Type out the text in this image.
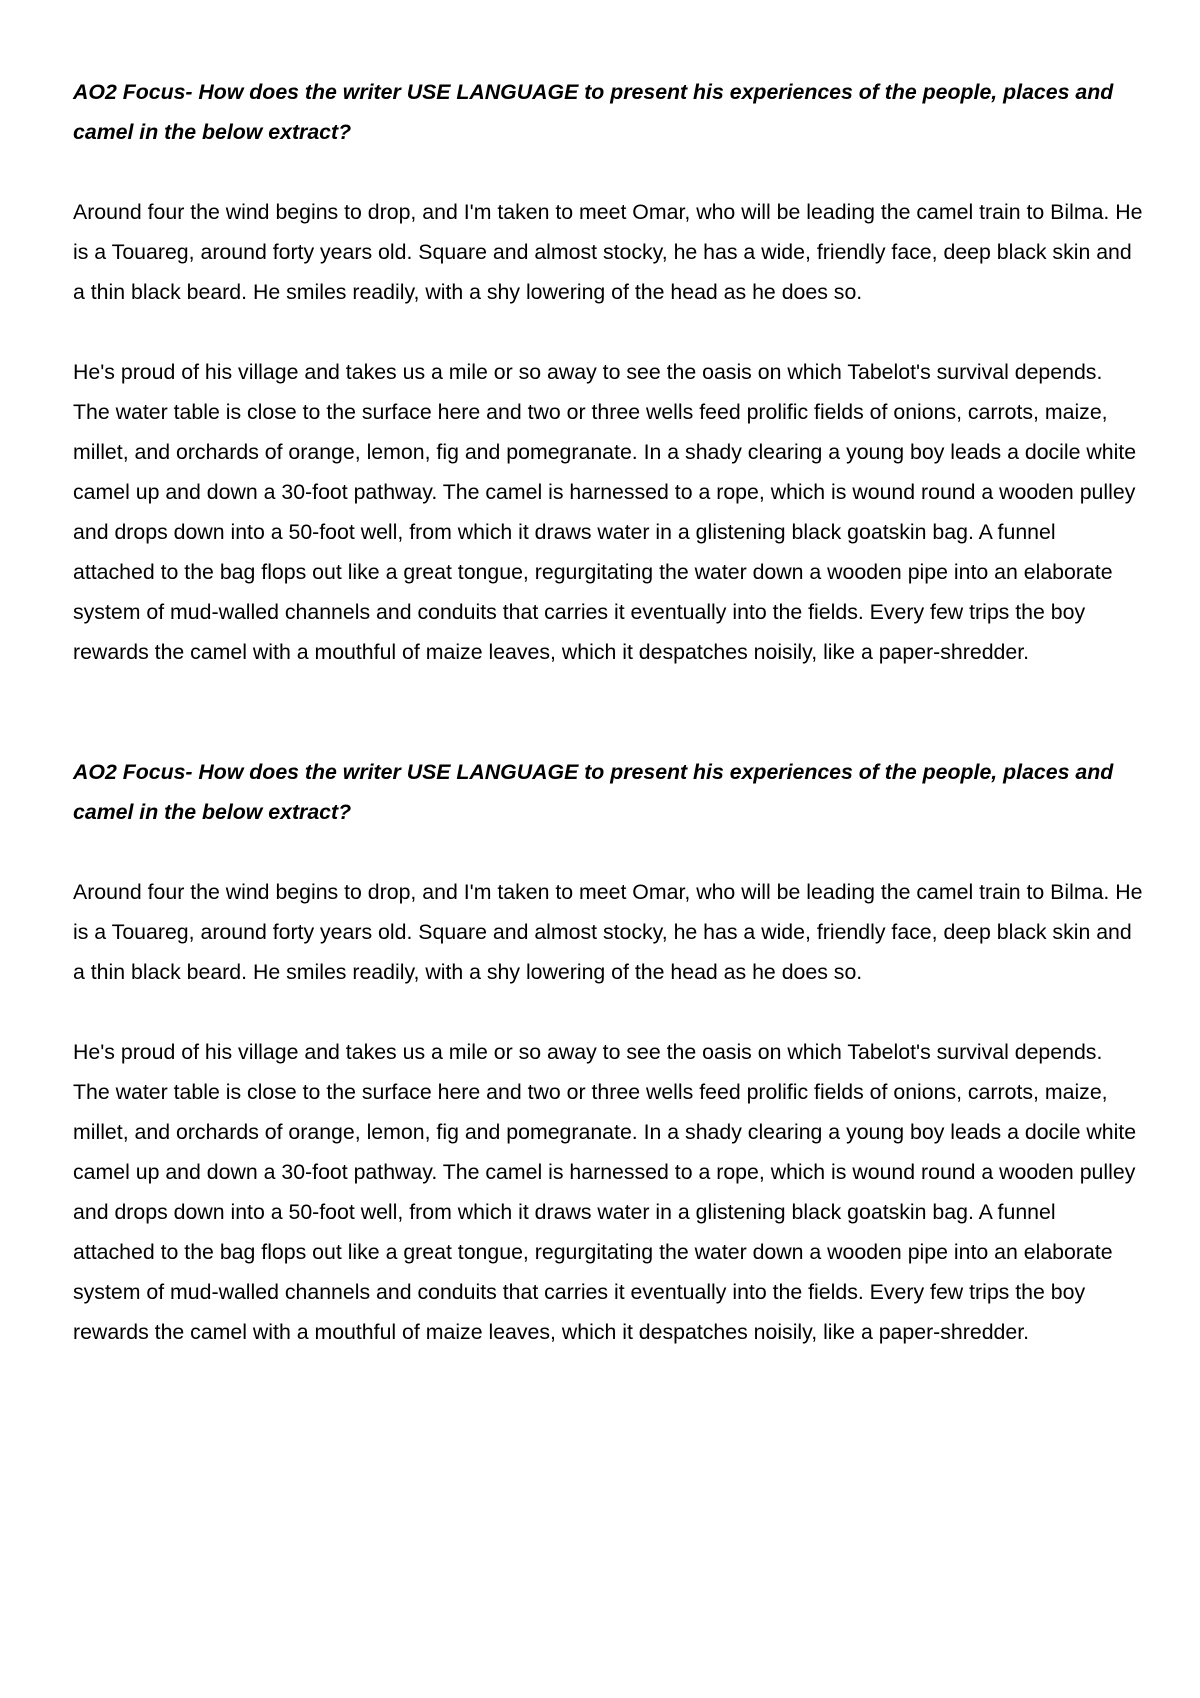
AO2 Focus- How does the writer USE LANGUAGE to present his experiences of the people, places and camel in the below extract?

Around four the wind begins to drop, and I'm taken to meet Omar, who will be leading the camel train to Bilma. He is a Touareg, around forty years old. Square and almost stocky, he has a wide, friendly face, deep black skin and a thin black beard. He smiles readily, with a shy lowering of the head as he does so.

He's proud of his village and takes us a mile or so away to see the oasis on which Tabelot's survival depends. The water table is close to the surface here and two or three wells feed prolific fields of onions, carrots, maize, millet, and orchards of orange, lemon, fig and pomegranate. In a shady clearing a young boy leads a docile white camel up and down a 30-foot pathway. The camel is harnessed to a rope, which is wound round a wooden pulley and drops down into a 50-foot well, from which it draws water in a glistening black goatskin bag. A funnel attached to the bag flops out like a great tongue, regurgitating the water down a wooden pipe into an elaborate system of mud-walled channels and conduits that carries it eventually into the fields. Every few trips the boy rewards the camel with a mouthful of maize leaves, which it despatches noisily, like a paper-shredder.

AO2 Focus- How does the writer USE LANGUAGE to present his experiences of the people, places and camel in the below extract?

Around four the wind begins to drop, and I'm taken to meet Omar, who will be leading the camel train to Bilma. He is a Touareg, around forty years old. Square and almost stocky, he has a wide, friendly face, deep black skin and a thin black beard. He smiles readily, with a shy lowering of the head as he does so.

He's proud of his village and takes us a mile or so away to see the oasis on which Tabelot's survival depends. The water table is close to the surface here and two or three wells feed prolific fields of onions, carrots, maize, millet, and orchards of orange, lemon, fig and pomegranate. In a shady clearing a young boy leads a docile white camel up and down a 30-foot pathway. The camel is harnessed to a rope, which is wound round a wooden pulley and drops down into a 50-foot well, from which it draws water in a glistening black goatskin bag. A funnel attached to the bag flops out like a great tongue, regurgitating the water down a wooden pipe into an elaborate system of mud-walled channels and conduits that carries it eventually into the fields. Every few trips the boy rewards the camel with a mouthful of maize leaves, which it despatches noisily, like a paper-shredder.
